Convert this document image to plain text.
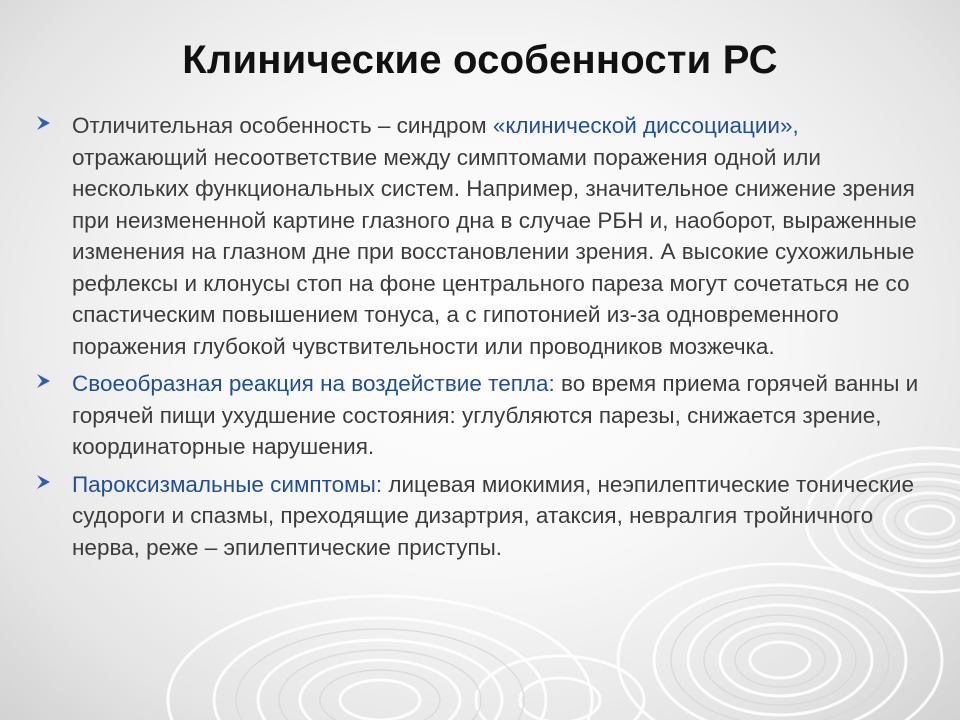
Клинические особенности РС
Отличительная особенность – синдром «клинической диссоциации», отражающий несоответствие между симптомами поражения одной или нескольких функциональных систем. Например, значительное снижение зрения при неизмененной картине глазного дна в случае РБН и, наоборот, выраженные изменения на глазном дне при восстановлении зрения. А высокие сухожильные рефлексы и клонусы стоп на фоне центрального пареза могут сочетаться не со спастическим повышением тонуса, а с гипотонией из-за одновременного поражения глубокой чувствительности или проводников мозжечка.
Своеобразная реакция на воздействие тепла: во время приема горячей ванны и горячей пищи ухудшение состояния: углубляются парезы, снижается зрение, координаторные нарушения.
Пароксизмальные симптомы: лицевая миокимия, неэпилептические тонические судороги и спазмы, преходящие дизартрия, атаксия, невралгия тройничного нерва, реже – эпилептические приступы.
